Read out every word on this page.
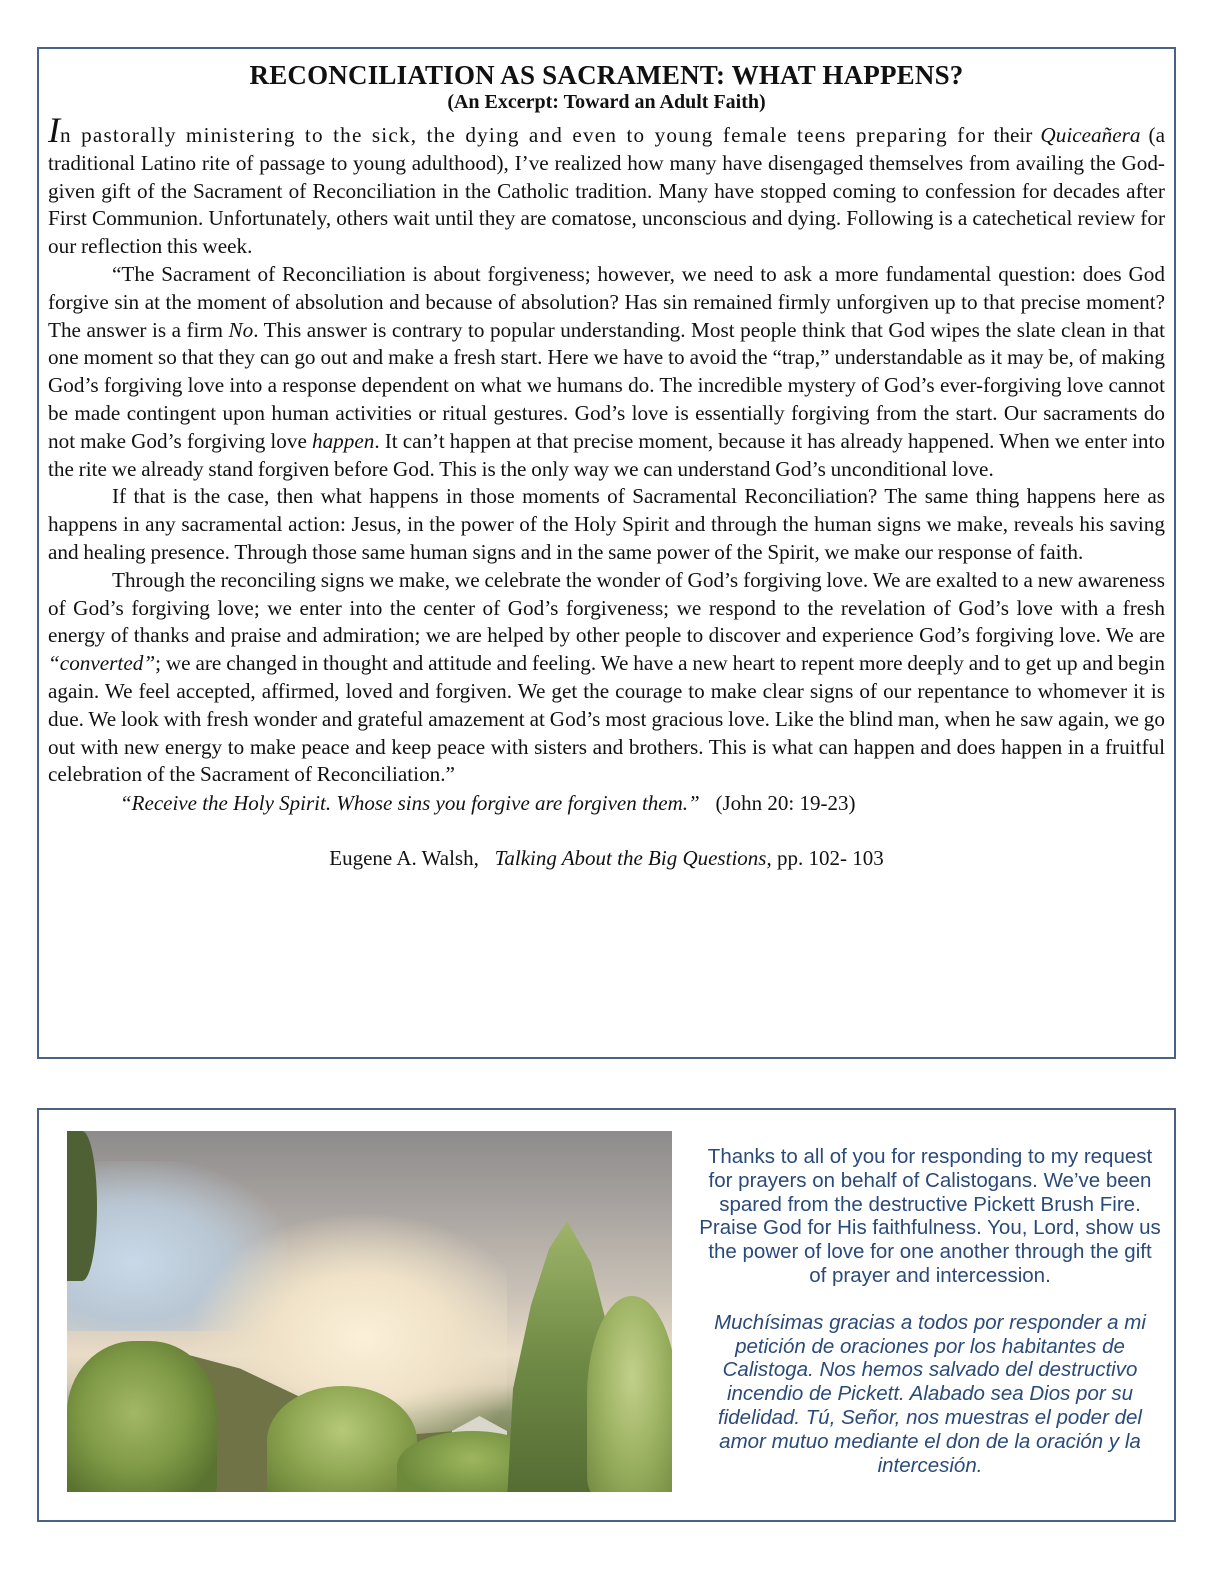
RECONCILIATION AS SACRAMENT: WHAT HAPPENS?
(An Excerpt: Toward an Adult Faith)

In pastorally ministering to the sick, the dying and even to young female teens preparing for their Quiceañera (a traditional Latino rite of passage to young adulthood), I’ve realized how many have disengaged themselves from availing the God-given gift of the Sacrament of Reconciliation in the Catholic tradition. Many have stopped coming to confession for decades after First Communion. Unfortunately, others wait until they are comatose, unconscious and dying. Following is a catechetical review for our reflection this week.

“The Sacrament of Reconciliation is about forgiveness; however, we need to ask a more fundamental question: does God forgive sin at the moment of absolution and because of absolution? Has sin remained firmly unforgiven up to that precise moment? The answer is a firm No. This answer is contrary to popular understanding. Most people think that God wipes the slate clean in that one moment so that they can go out and make a fresh start. Here we have to avoid the “trap,” understandable as it may be, of making God’s forgiving love into a response dependent on what we humans do. The incredible mystery of God’s ever-forgiving love cannot be made contingent upon human activities or ritual gestures. God’s love is essentially forgiving from the start. Our sacraments do not make God’s forgiving love happen. It can’t happen at that precise moment, because it has already happened. When we enter into the rite we already stand forgiven before God. This is the only way we can understand God’s unconditional love.

If that is the case, then what happens in those moments of Sacramental Reconciliation? The same thing happens here as happens in any sacramental action: Jesus, in the power of the Holy Spirit and through the human signs we make, reveals his saving and healing presence. Through those same human signs and in the same power of the Spirit, we make our response of faith.

Through the reconciling signs we make, we celebrate the wonder of God’s forgiving love. We are exalted to a new awareness of God’s forgiving love; we enter into the center of God’s forgiveness; we respond to the revelation of God’s love with a fresh energy of thanks and praise and admiration; we are helped by other people to discover and experience God’s forgiving love. We are “converted”; we are changed in thought and attitude and feeling. We have a new heart to repent more deeply and to get up and begin again. We feel accepted, affirmed, loved and forgiven. We get the courage to make clear signs of our repentance to whomever it is due. We look with fresh wonder and grateful amazement at God’s most gracious love. Like the blind man, when he saw again, we go out with new energy to make peace and keep peace with sisters and brothers. This is what can happen and does happen in a fruitful celebration of the Sacrament of Reconciliation.”

“Receive the Holy Spirit. Whose sins you forgive are forgiven them.” (John 20: 19-23)
Eugene A. Walsh, Talking About the Big Questions, pp. 102- 103

Thanks to all of you for responding to my request for prayers on behalf of Calistogans. We’ve been spared from the destructive Pickett Brush Fire. Praise God for His faithfulness. You, Lord, show us the power of love for one another through the gift of prayer and intercession.

Muchísimas gracias a todos por responder a mi petición de oraciones por los habitantes de Calistoga. Nos hemos salvado del destructivo incendio de Pickett. Alabado sea Dios por su fidelidad. Tú, Señor, nos muestras el poder del amor mutuo mediante el don de la oración y la intercesión.
